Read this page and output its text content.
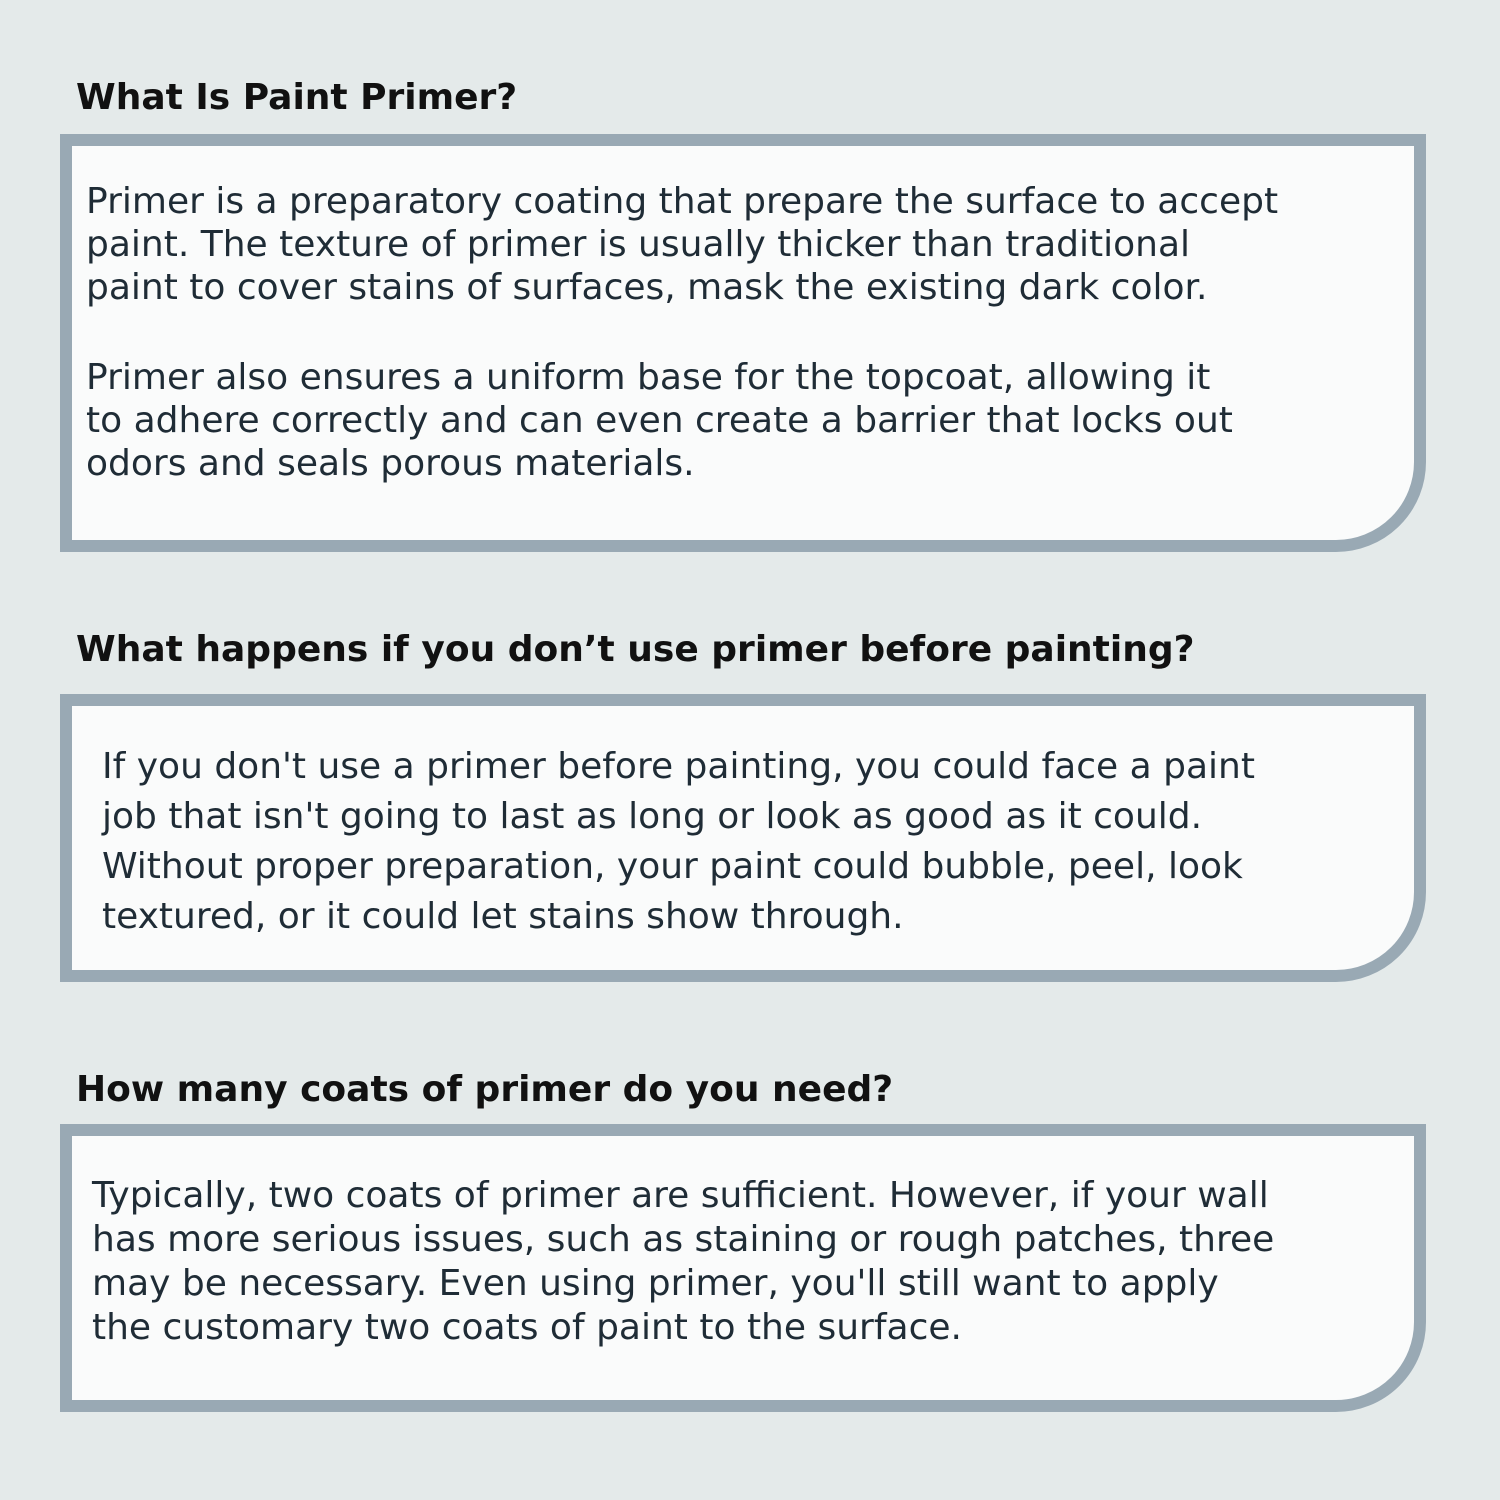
What Is Paint Primer?

Primer is a preparatory coating that prepare the surface to accept
paint. The texture of primer is usually thicker than traditional
paint to cover stains of surfaces, mask the existing dark color.

Primer also ensures a uniform base for the topcoat, allowing it
to adhere correctly and can even create a barrier that locks out
odors and seals porous materials.

What happens if you don’t use primer before painting?

If you don't use a primer before painting, you could face a paint
job that isn't going to last as long or look as good as it could.
Without proper preparation, your paint could bubble, peel, look
textured, or it could let stains show through.

How many coats of primer do you need?

Typically, two coats of primer are sufficient. However, if your wall
has more serious issues, such as staining or rough patches, three
may be necessary. Even using primer, you'll still want to apply
the customary two coats of paint to the surface.
